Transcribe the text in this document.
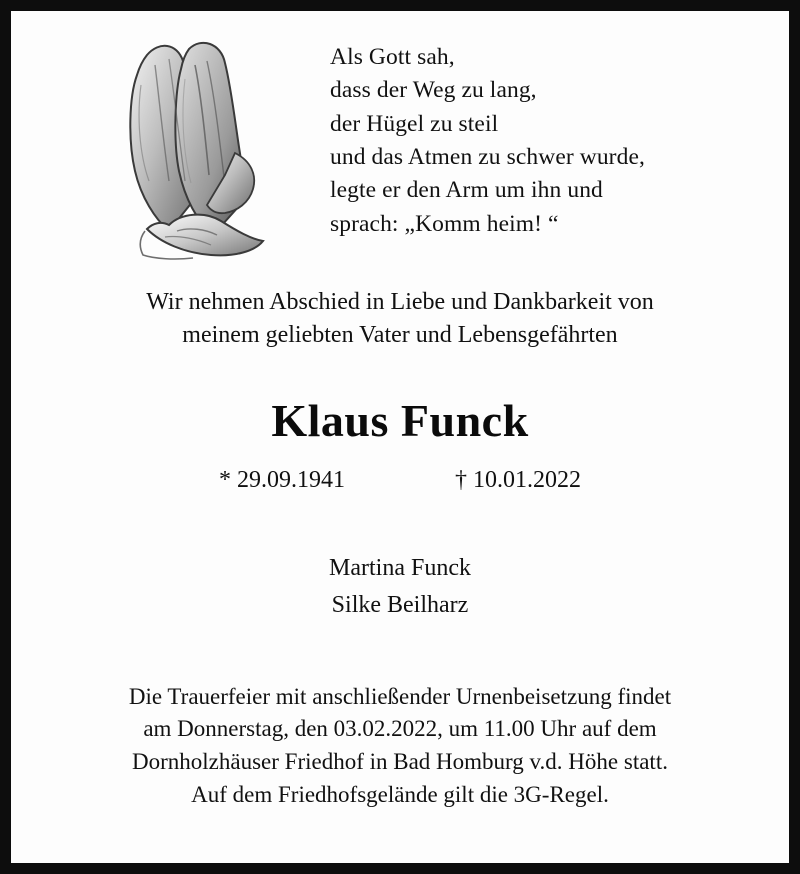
Als Gott sah,
dass der Weg zu lang,
der Hügel zu steil
und das Atmen zu schwer wurde,
legte er den Arm um ihn und
sprach: „Komm heim! “
Wir nehmen Abschied in Liebe und Dankbarkeit von
meinem geliebten Vater und Lebensgefährten
Klaus Funck
* 29.09.1941	† 10.01.2022
Martina Funck
Silke Beilharz
Die Trauerfeier mit anschließender Urnenbeisetzung findet
am Donnerstag, den 03.02.2022, um 11.00 Uhr auf dem
Dornholzhäuser Friedhof in Bad Homburg v.d. Höhe statt.
Auf dem Friedhofsgelände gilt die 3G-Regel.
